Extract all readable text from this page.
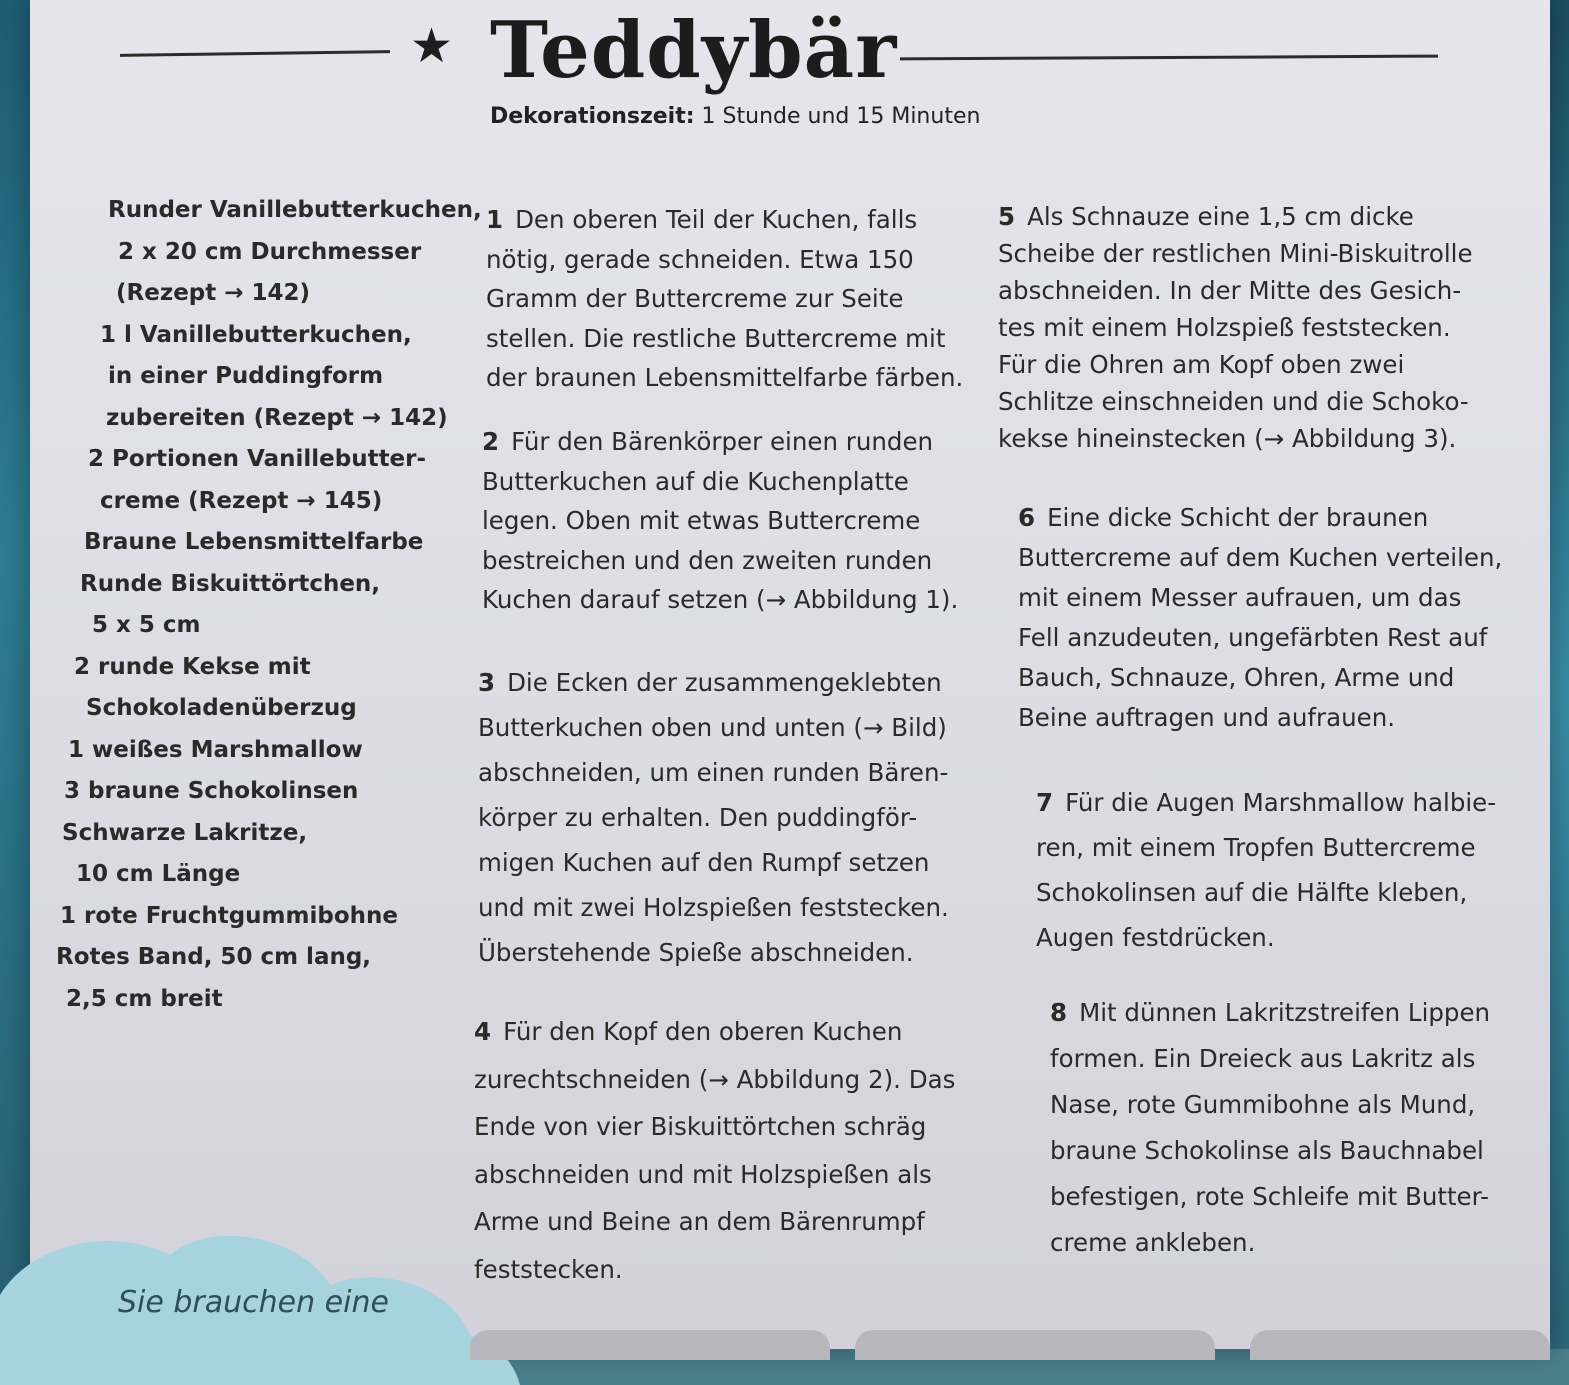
★ Teddybär
Dekorationszeit: 1 Stunde und 15 Minuten
Runder Vanillebutterkuchen,
2 x 20 cm Durchmesser
(Rezept → 142)
1 l Vanillebutterkuchen,
in einer Puddingform
zubereiten (Rezept → 142)
2 Portionen Vanillebutter-
creme (Rezept → 145)
Braune Lebensmittelfarbe
Runde Biskuittörtchen,
5 x 5 cm
2 runde Kekse mit
Schokoladenüberzug
1 weißes Marshmallow
3 braune Schokolinsen
Schwarze Lakritze,
10 cm Länge
1 rote Fruchtgummibohne
Rotes Band, 50 cm lang,
2,5 cm breit
1 Den oberen Teil der Kuchen, falls
nötig, gerade schneiden. Etwa 150
Gramm der Buttercreme zur Seite
stellen. Die restliche Buttercreme mit
der braunen Lebensmittelfarbe färben.
2 Für den Bärenkörper einen runden
Butterkuchen auf die Kuchenplatte
legen. Oben mit etwas Buttercreme
bestreichen und den zweiten runden
Kuchen darauf setzen (→ Abbildung 1).
3 Die Ecken der zusammengeklebten
Butterkuchen oben und unten (→ Bild)
abschneiden, um einen runden Bären-
körper zu erhalten. Den puddingför-
migen Kuchen auf den Rumpf setzen
und mit zwei Holzspießen feststecken.
Überstehende Spieße abschneiden.
4 Für den Kopf den oberen Kuchen
zurechtschneiden (→ Abbildung 2). Das
Ende von vier Biskuittörtchen schräg
abschneiden und mit Holzspießen als
Arme und Beine an dem Bärenrumpf
feststecken.
5 Als Schnauze eine 1,5 cm dicke
Scheibe der restlichen Mini-Biskuitrolle
abschneiden. In der Mitte des Gesich-
tes mit einem Holzspieß feststecken.
Für die Ohren am Kopf oben zwei
Schlitze einschneiden und die Schoko-
kekse hineinstecken (→ Abbildung 3).
6 Eine dicke Schicht der braunen
Buttercreme auf dem Kuchen verteilen,
mit einem Messer aufrauen, um das
Fell anzudeuten, ungefärbten Rest auf
Bauch, Schnauze, Ohren, Arme und
Beine auftragen und aufrauen.
7 Für die Augen Marshmallow halbie-
ren, mit einem Tropfen Buttercreme
Schokolinsen auf die Hälfte kleben,
Augen festdrücken.
8 Mit dünnen Lakritzstreifen Lippen
formen. Ein Dreieck aus Lakritz als
Nase, rote Gummibohne als Mund,
braune Schokolinse als Bauchnabel
befestigen, rote Schleife mit Butter-
creme ankleben.
Sie brauchen eine
